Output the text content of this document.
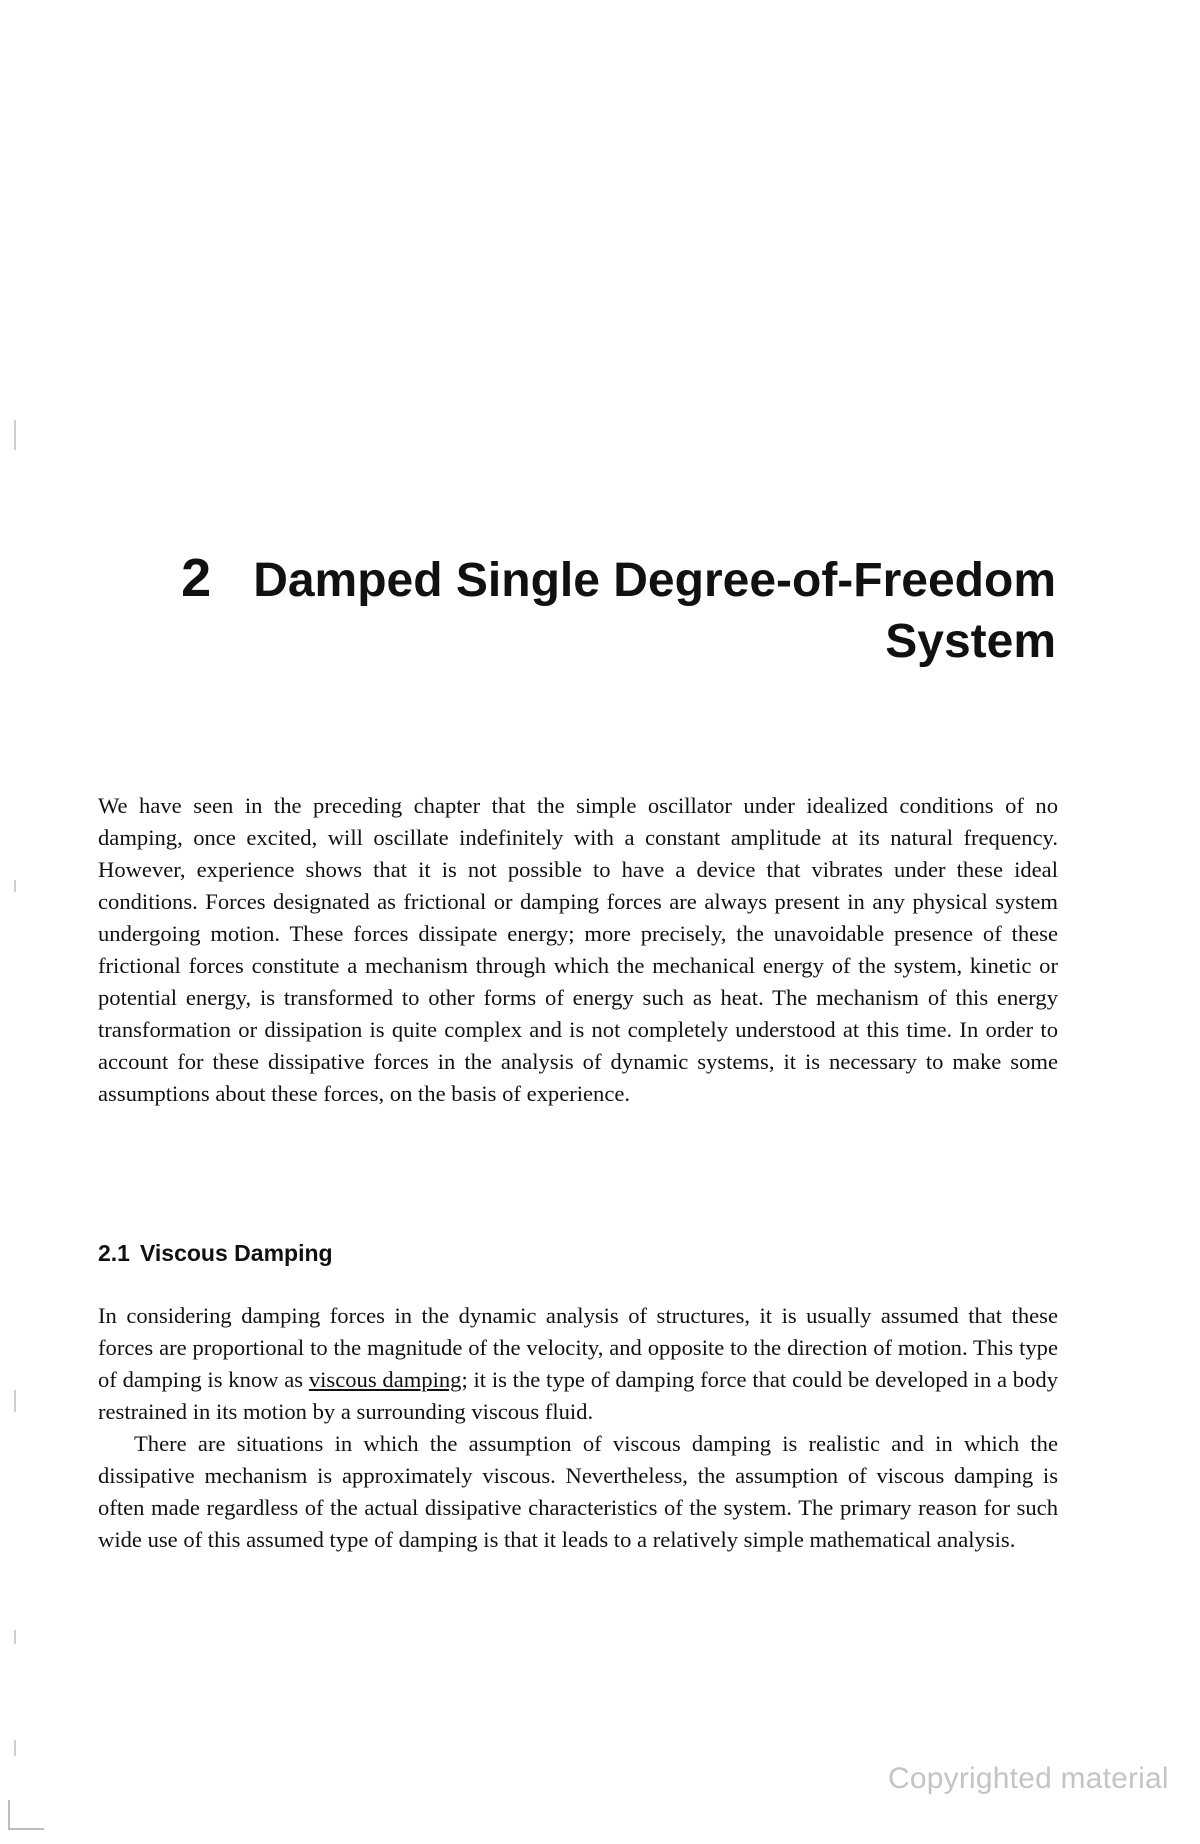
2 Damped Single Degree-of-Freedom
System

We have seen in the preceding chapter that the simple oscillator under idealized conditions of no damping, once excited, will oscillate indefinitely with a constant amplitude at its natural frequency. However, experience shows that it is not possible to have a device that vibrates under these ideal conditions. Forces designated as frictional or damping forces are always present in any physical system undergoing motion. These forces dissipate energy; more precisely, the unavoidable presence of these frictional forces constitute a mechanism through which the mechanical energy of the system, kinetic or potential energy, is transformed to other forms of energy such as heat. The mechanism of this energy transformation or dissipation is quite complex and is not completely understood at this time. In order to account for these dissipative forces in the analysis of dynamic systems, it is necessary to make some assumptions about these forces, on the basis of experience.

2.1 Viscous Damping

In considering damping forces in the dynamic analysis of structures, it is usually assumed that these forces are proportional to the magnitude of the velocity, and opposite to the direction of motion. This type of damping is know as viscous damping; it is the type of damping force that could be developed in a body restrained in its motion by a surrounding viscous fluid.

There are situations in which the assumption of viscous damping is realistic and in which the dissipative mechanism is approximately viscous. Nevertheless, the assumption of viscous damping is often made regardless of the actual dissipative characteristics of the system. The primary reason for such wide use of this assumed type of damping is that it leads to a relatively simple mathematical analysis.

Copyrighted material
